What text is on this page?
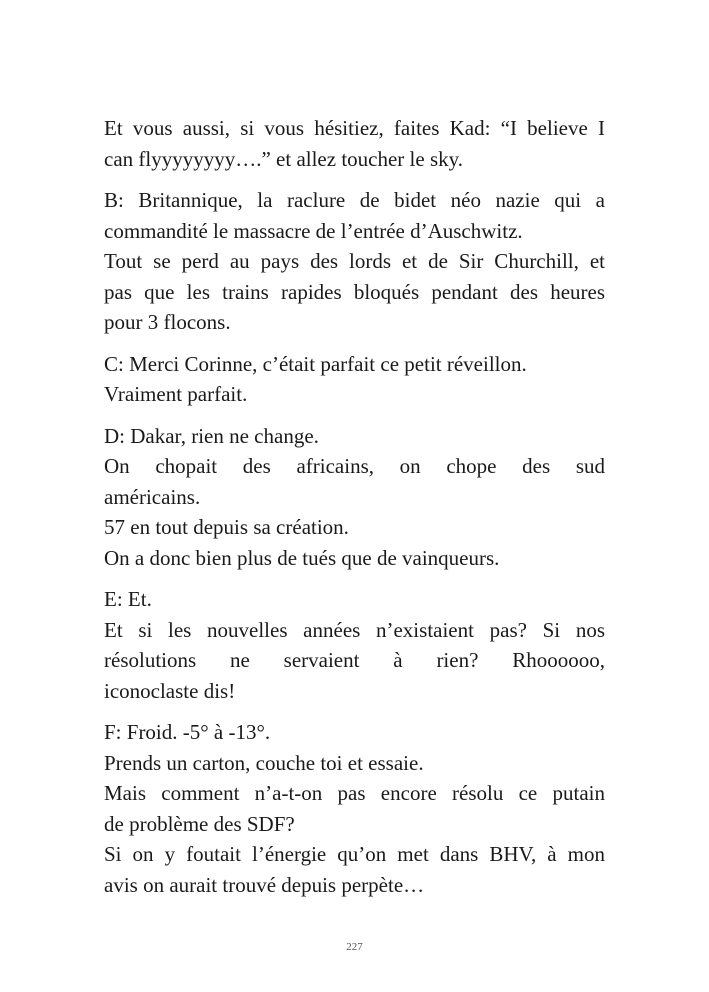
Et vous aussi, si vous hésitiez, faites Kad: “I believe I
can flyyyyyyyy….” et allez toucher le sky.
B: Britannique, la raclure de bidet néo nazie qui a
commandité le massacre de l’entrée d’Auschwitz.
Tout se perd au pays des lords et de Sir Churchill, et
pas que les trains rapides bloqués pendant des heures
pour 3 flocons.
C: Merci Corinne, c’était parfait ce petit réveillon.
Vraiment parfait.
D: Dakar, rien ne change.
On chopait des africains, on chope des sud
américains.
57 en tout depuis sa création.
On a donc bien plus de tués que de vainqueurs.
E: Et.
Et si les nouvelles années n’existaient pas? Si nos
résolutions ne servaient à rien? Rhoooooo,
iconoclaste dis!
F: Froid. -5° à -13°.
Prends un carton, couche toi et essaie.
Mais comment n’a-t-on pas encore résolu ce putain
de problème des SDF?
Si on y foutait l’énergie qu’on met dans BHV, à mon
avis on aurait trouvé depuis perpète…
227
